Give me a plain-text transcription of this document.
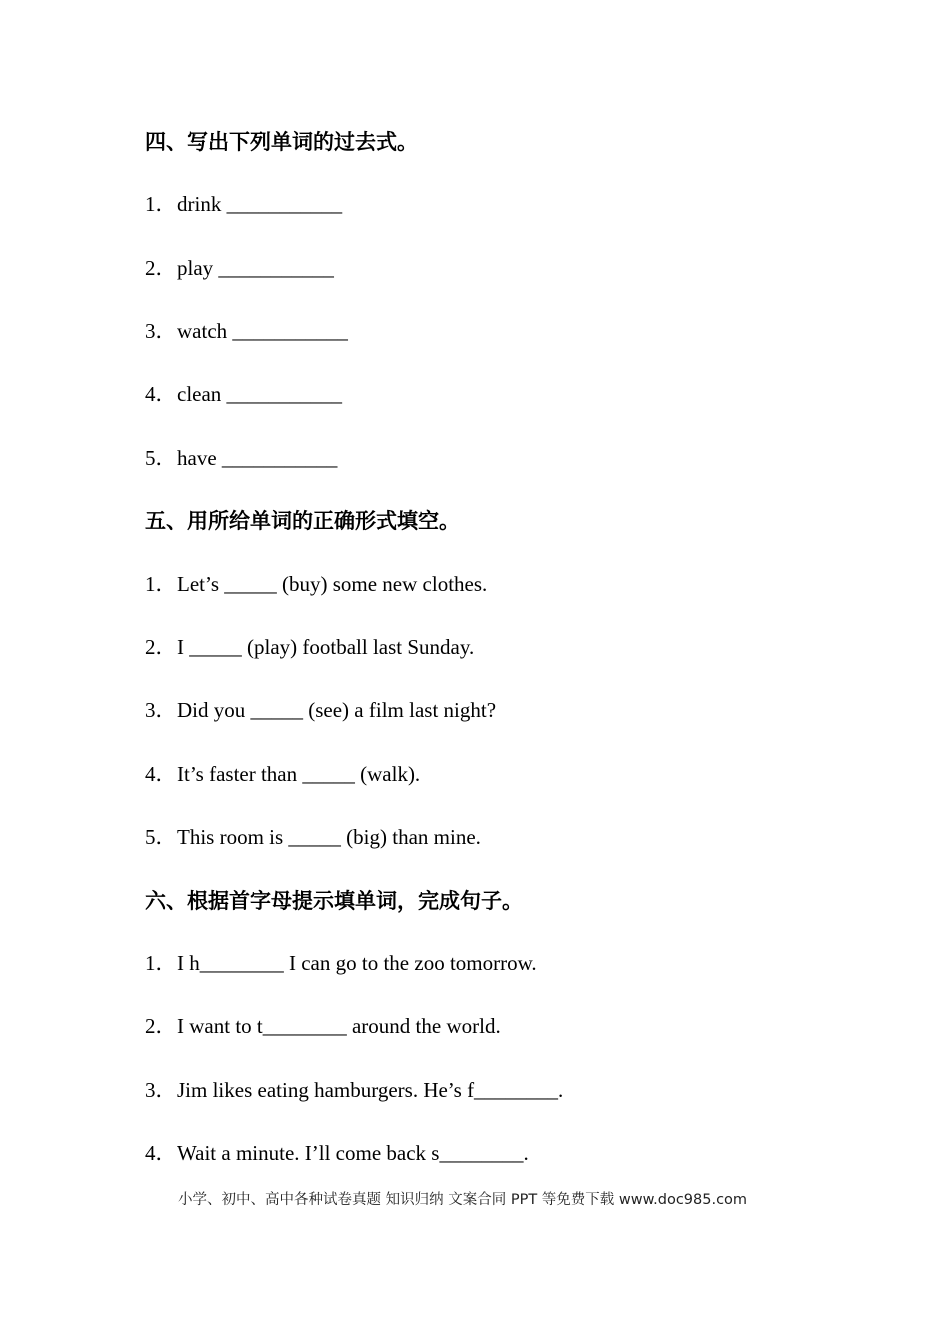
四、写出下列单词的过去式。
1．drink ___________
2．play ___________
3．watch ___________
4．clean ___________
5．have ___________
五、用所给单词的正确形式填空。
1．Let’s _____ (buy) some new clothes.
2．I _____ (play) football last Sunday.
3．Did you _____ (see) a film last night?
4．It’s faster than _____ (walk).
5．This room is _____ (big) than mine.
六、根据首字母提示填单词，完成句子。
1．I h________ I can go to the zoo tomorrow.
2．I want to t________ around the world.
3．Jim likes eating hamburgers. He’s f________.
4．Wait a minute. I’ll come back s________.
小学、初中、高中各种试卷真题 知识归纳 文案合同 PPT 等免费下载 www.doc985.com
